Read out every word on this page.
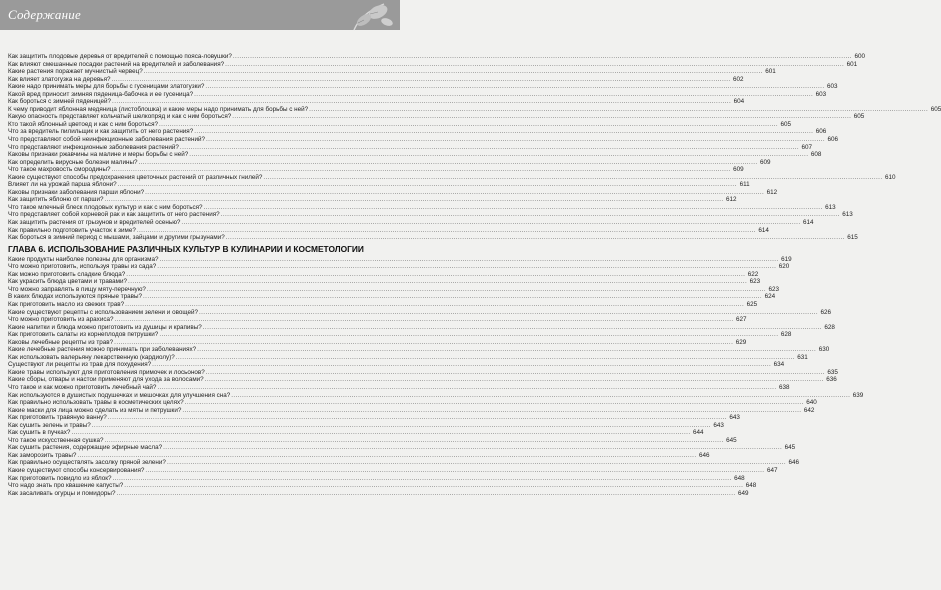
Содержание
Как защитить плодовые деревья от вредителей с помощью пояса-ловушки? .....	600
Как влияют смешанные посадки растений на вредителей и заболевания? .....	601
Какие растения поражает мучнистый червец? .....	601
Как влияет златогузка на деревья? .....	602
Какие надо принимать меры для борьбы с гусеницами златогузки? .....	603
Какой вред приносит зимняя пяденица-бабочка и ее гусеница? .....	603
Как бороться с зимней пяденицей? .....	604
К чему приводит яблонная медяница (листоблошка) и какие меры надо принимать для борьбы с ней? .....	605
Какую опасность представляет кольчатый шелкопряд и как с ним бороться? .....	605
Кто такой яблонный цветоед и как с ним бороться? .....	605
Что за вредитель пилильщик и как защитить от него растения? .....	606
Что представляют собой неинфекционные заболевания растений? .....	606
Что представляют инфекционные заболевания растений? .....	607
Каковы признаки ржавчины на малине и меры борьбы с ней? .....	608
Как определить вирусные болезни малины? .....	609
Что такое махровость смородины? .....	609
Какие существуют способы предохранения цветочных растений от различных гнилей? .....	610
Влияет ли на урожай парша яблони? .....	611
Каковы признаки заболевания парши яблони? .....	612
Как защитить яблоню от парши? .....	612
Что такое млечный блеск плодовых культур и как с ним бороться? .....	613
Что представляет собой корневой рак и как защитить от него растения? .....	613
Как защитить растения от грызунов и вредителей осенью? .....	614
Как правильно подготовить участок к зиме? .....	614
Как бороться в зимний период с мышами, зайцами и другими грызунами? .....	615
ГЛАВА 6. ИСПОЛЬЗОВАНИЕ РАЗЛИЧНЫХ КУЛЬТУР В КУЛИНАРИИ И КОСМЕТОЛОГИИ
Какие продукты наиболее полезны для организма? .....	619
Что можно приготовить, используя травы из сада? .....	620
Как можно приготовить сладкие блюда? .....	622
Как украсить блюда цветами и травами? .....	623
Что можно заправлять в пищу мяту-перечную? .....	623
В каких блюдах используются пряные травы? .....	624
Как приготовить масло из свежих трав? .....	625
Какие существуют рецепты с использованием зелени и овощей? .....	626
Что можно приготовить из арахиса? .....	627
Какие напитки и блюда можно приготовить из душицы и крапивы? .....	628
Как приготовить салаты из корнеплодов петрушки? .....	628
Каковы лечебные рецепты из трав? .....	629
Какие лечебные растения можно принимать при заболеваниях? .....	630
Как использовать валерьяну лекарственную (кардиолу)? .....	631
Существуют ли рецепты из трав для похудения? .....	634
Какие травы используют для приготовления примочек и лосьонов? .....	635
Какие сборы, отвары и настои применяют для ухода за волосами? .....	636
Что такое и как можно приготовить лечебный чай? .....	638
Как используются в душистых подушечках и мешочках для улучшения сна? .....	639
Как правильно использовать травы в косметических целях? .....	640
Какие маски для лица можно сделать из мяты и петрушки? .....	642
Как приготовить травяную ванну? .....	643
Как сушить зелень и травы? .....	643
Как сушить в пучках? .....	644
Что такое искусственная сушка? .....	645
Как сушить растения, содержащие эфирные масла? .....	645
Как заморозить травы? .....	646
Как правильно осуществлять засолку пряной зелени? .....	646
Какие существуют способы консервирования? .....	647
Как приготовить повидло из яблок? .....	648
Что надо знать про квашение капусты? .....	648
Как засаливать огурцы и помидоры? .....	649
